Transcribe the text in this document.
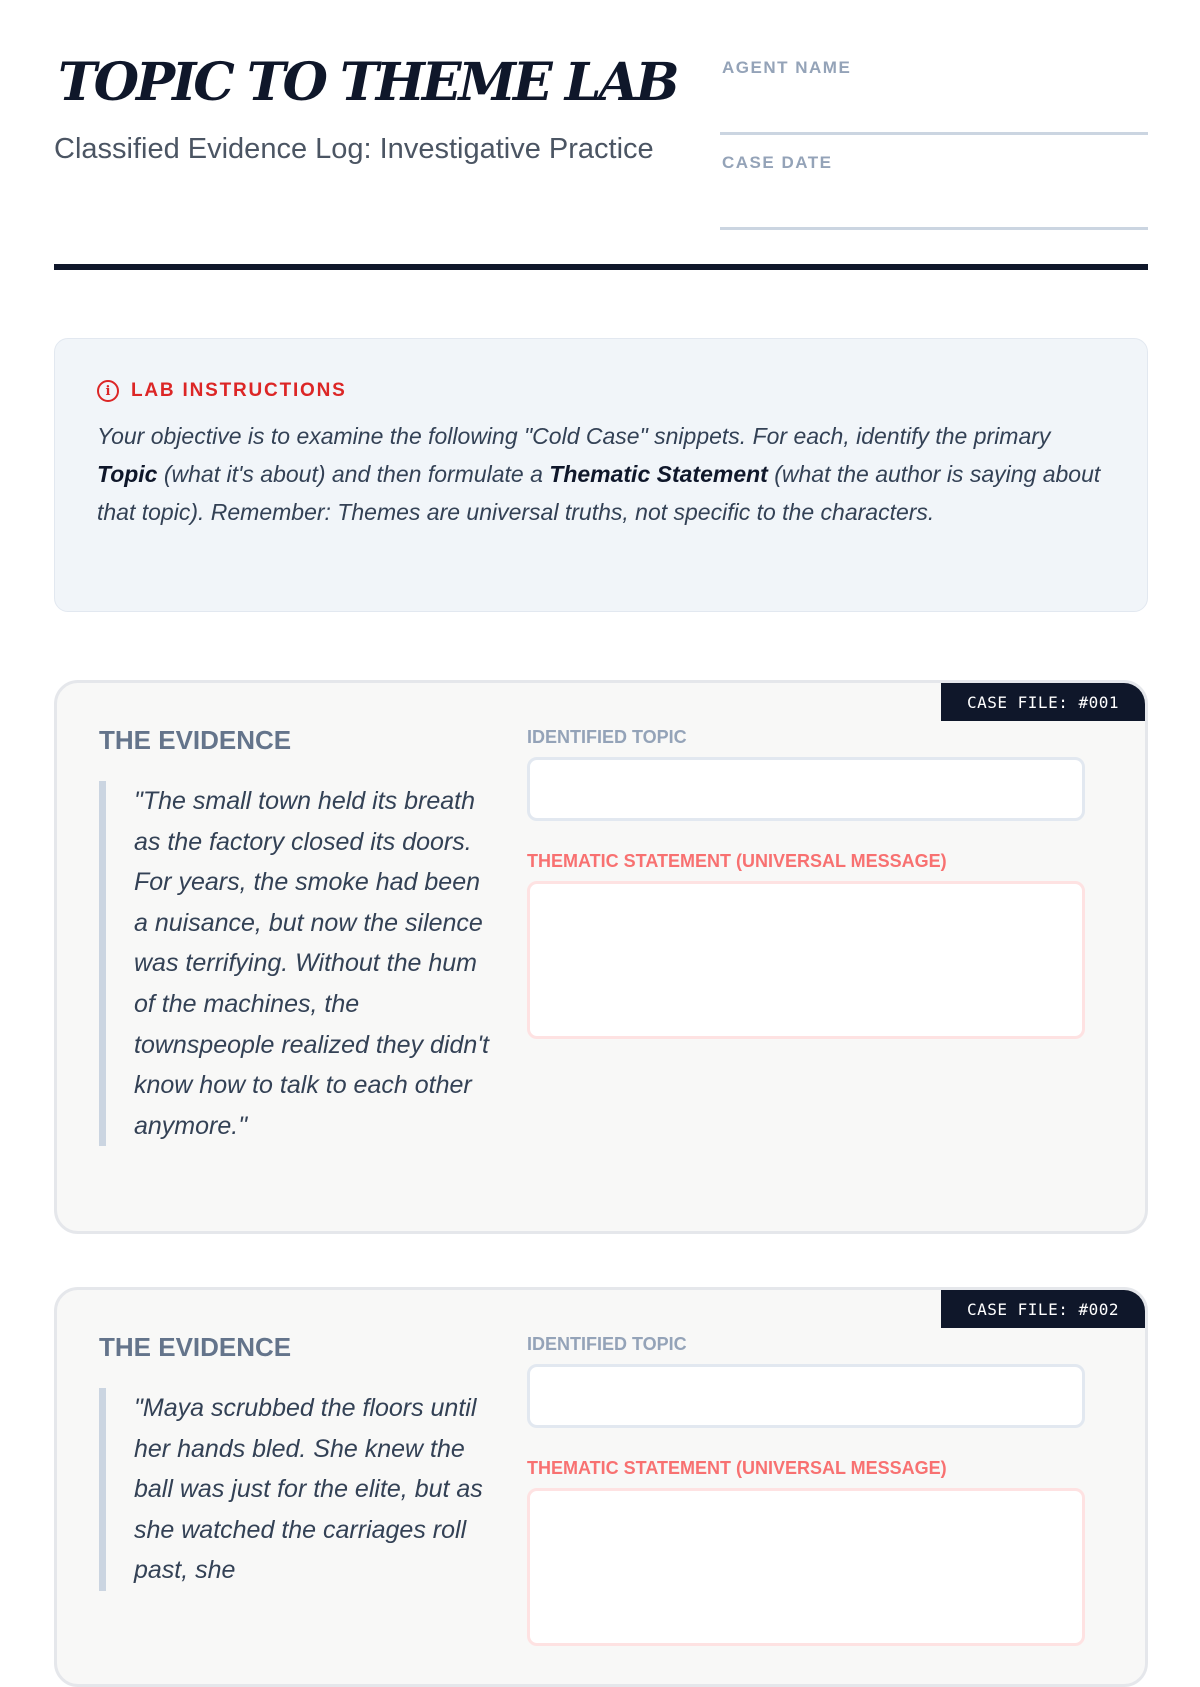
TOPIC TO THEME LAB

Classified Evidence Log: Investigative Practice

AGENT NAME
CASE DATE
i	LAB INSTRUCTIONS

Your objective is to examine the following "Cold Case" snippets. For each, identify the primary Topic (what it's about) and then formulate a Thematic Statement (what the author is saying about that topic). Remember: Themes are universal truths, not specific to the characters.

CASE FILE: #001
THE EVIDENCE

"The small town held its breath as the factory closed its doors. For years, the smoke had been a nuisance, but now the silence was terrifying. Without the hum of the machines, the townspeople realized they didn't know how to talk to each other anymore."

IDENTIFIED TOPIC
THEMATIC STATEMENT (UNIVERSAL MESSAGE)
CASE FILE: #002
THE EVIDENCE

"Maya scrubbed the floors until her hands bled. She knew the ball was just for the elite, but as she watched the carriages roll past, she

IDENTIFIED TOPIC
THEMATIC STATEMENT (UNIVERSAL MESSAGE)
